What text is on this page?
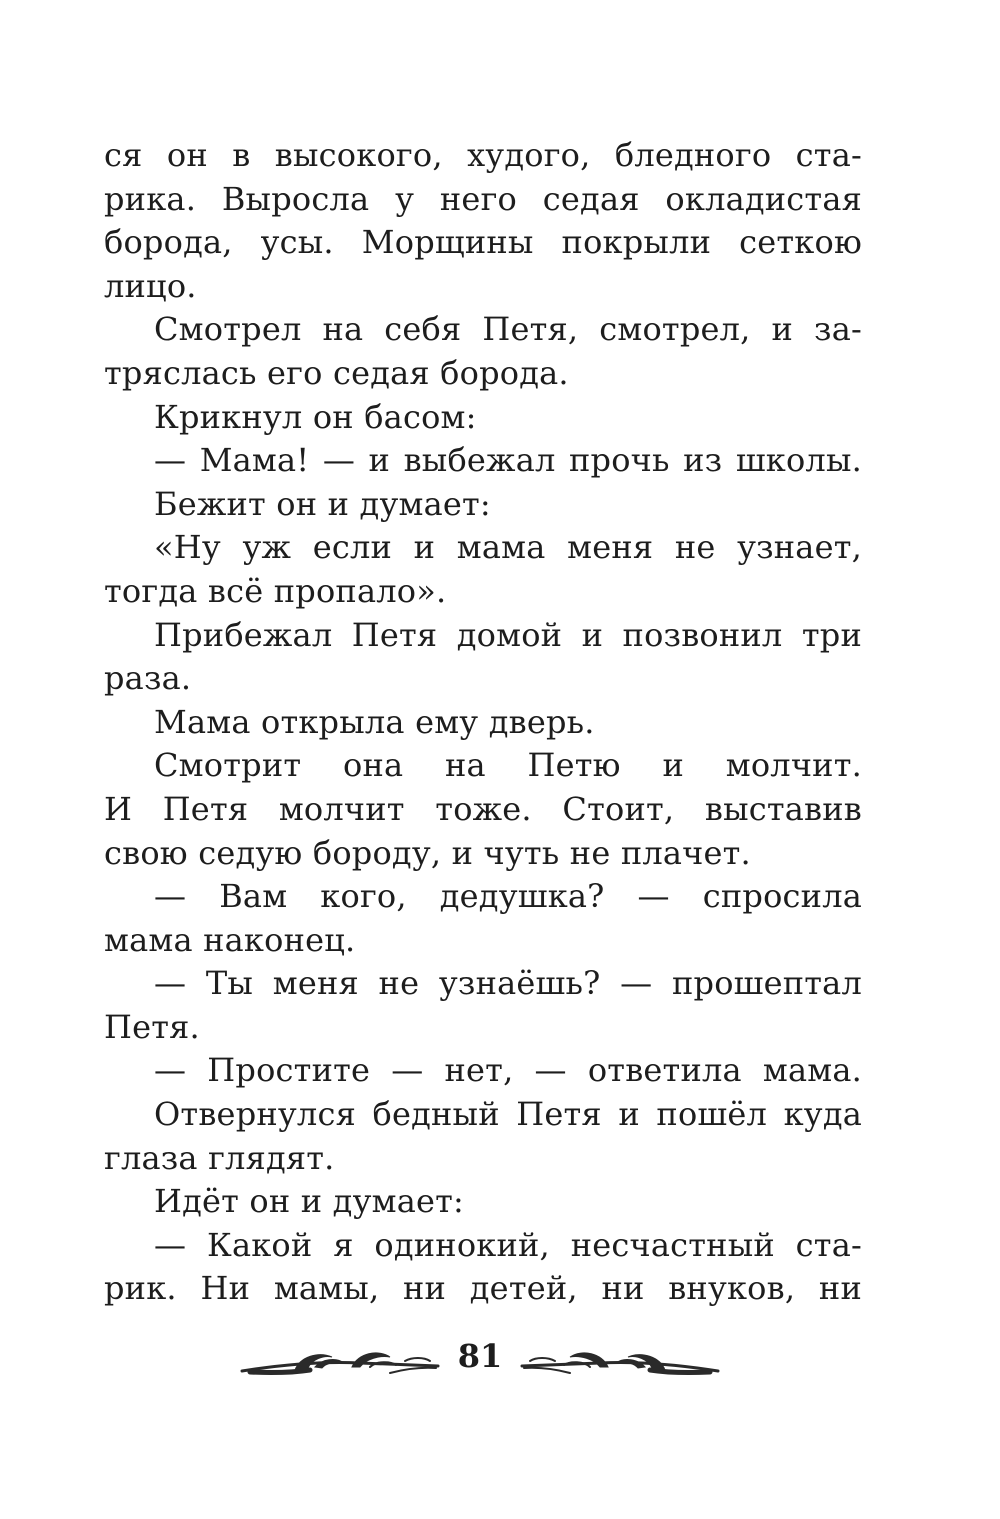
ся он в высокого, худого, бледного ста-
рика. Выросла у него седая окладистая
борода, усы. Морщины покрыли сеткою
лицо.
Смотрел на себя Петя, смотрел, и за-
тряслась его седая борода.
Крикнул он басом:
— Мама! — и выбежал прочь из школы.
Бежит он и думает:
«Ну уж если и мама меня не узнает,
тогда всё пропало».
Прибежал Петя домой и позвонил три
раза.
Мама открыла ему дверь.
Смотрит она на Петю и молчит.
И Петя молчит тоже. Стоит, выставив
свою седую бороду, и чуть не плачет.
— Вам кого, дедушка? — спросила
мама наконец.
— Ты меня не узнаёшь? — прошептал
Петя.
— Простите — нет, — ответила мама.
Отвернулся бедный Петя и пошёл куда
глаза глядят.
Идёт он и думает:
— Какой я одинокий, несчастный ста-
рик. Ни мамы, ни детей, ни внуков, ни
81
